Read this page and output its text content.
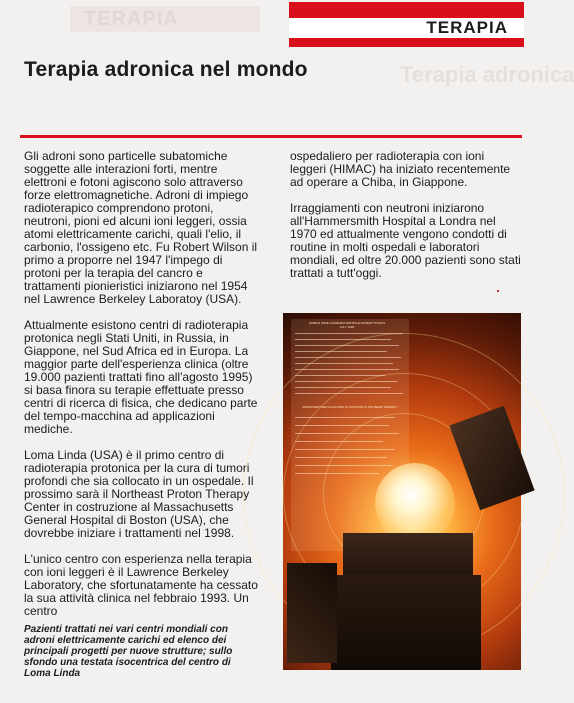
TERAPIA	TERAPIA
Terapia adronica
Terapia adronica nel mondo

Gli adroni sono particelle subatomiche soggette alle interazioni forti, mentre elettroni e fotoni agiscono solo attraverso forze elettromagnetiche. Adroni di impiego radioterapico comprendono protoni, neutroni, pioni ed alcuni ioni leggeri, ossia atomi elettricamente carichi, quali l'elio, il carbonio, l'ossigeno etc. Fu Robert Wilson il primo a proporre nel 1947 l'impego di protoni per la terapia del cancro e trattamenti pionieristici iniziarono nel 1954 nel Lawrence Berkeley Laboratoy (USA).

Attualmente esistono centri di radioterapia protonica negli Stati Uniti, in Russia, in Giappone, nel Sud Africa ed in Europa. La maggior parte dell'esperienza clinica (oltre 19.000 pazienti trattati fino all'agosto 1995) si basa finora su terapie effettuate presso centri di ricerca di fisica, che dedicano parte del tempo-macchina ad applicazioni mediche.

Loma Linda (USA) è il primo centro di radioterapia protonica per la cura di tumori profondi che sia collocato in un ospedale. Il prossimo sarà il Northeast Proton Therapy Center in costruzione al Massachusetts General Hospital di Boston (USA), che dovrebbe iniziare i trattamenti nel 1998.

L'unico centro con esperienza nella terapia con ioni leggeri è il Lawrence Berkeley Laboratory, che sfortunatamente ha cessato la sua attività clinica nel febbraio 1993. Un centro

ospedaliero per radioterapia con ioni leggeri (HIMAC) ha iniziato recentemente ad operare a Chiba, in Giappone.

Irraggiamenti con neutroni iniziarono all'Hammersmith Hospital a Londra nel 1970 ed attualmente vengono condotti di routine in molti ospedali e laboratori mondiali, ed oltre 20.000 pazienti sono stati trattati a tutt'oggi.

WORLD WIDE CHARGED PARTICLE PATIENT TOTALS
JULY 1995
PROPOSED NEW FACILITIES for PROTONS & ION BEAM THERAPY
Pazienti trattati nei vari centri mondiali con adroni elettricamente carichi ed elenco dei principali progetti per nuove strutture; sullo sfondo una testata isocentrica del centro di Loma Linda
